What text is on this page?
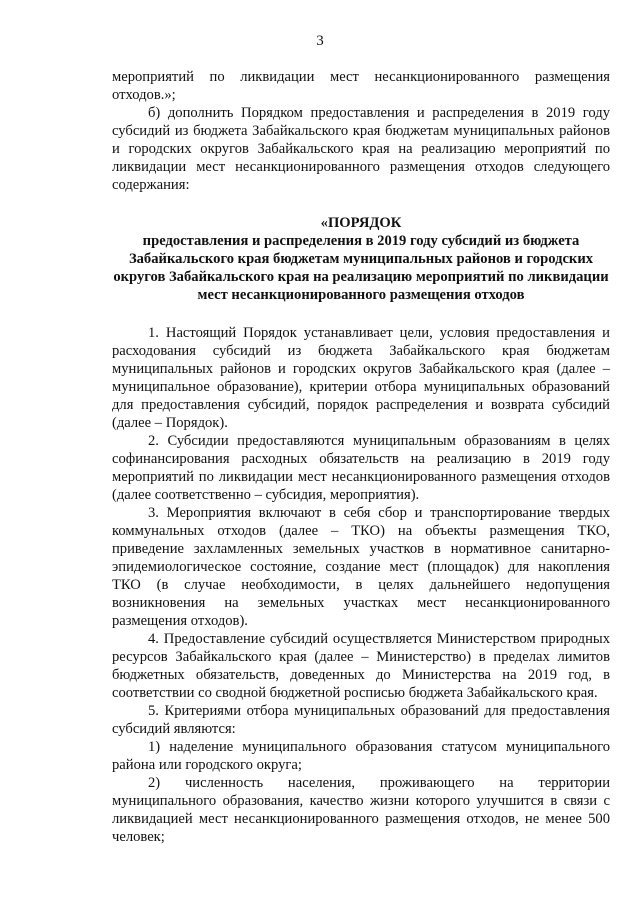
3

мероприятий по ликвидации мест несанкционированного размещения отходов.»;

б) дополнить Порядком предоставления и распределения в 2019 году субсидий из бюджета Забайкальского края бюджетам муниципальных районов и городских округов Забайкальского края на реализацию мероприятий по ликвидации мест несанкционированного размещения отходов следующего содержания:

«ПОРЯДОК
предоставления и распределения в 2019 году субсидий из бюджета Забайкальского края бюджетам муниципальных районов и городских округов Забайкальского края на реализацию мероприятий по ликвидации мест несанкционированного размещения отходов

1. Настоящий Порядок устанавливает цели, условия предоставления и расходования субсидий из бюджета Забайкальского края бюджетам муниципальных районов и городских округов Забайкальского края (далее – муниципальное образование), критерии отбора муниципальных образований для предоставления субсидий, порядок распределения и возврата субсидий (далее – Порядок).

2. Субсидии предоставляются муниципальным образованиям в целях софинансирования расходных обязательств на реализацию в 2019 году мероприятий по ликвидации мест несанкционированного размещения отходов (далее соответственно – субсидия, мероприятия).

3. Мероприятия включают в себя сбор и транспортирование твердых коммунальных отходов (далее – ТКО) на объекты размещения ТКО, приведение захламленных земельных участков в нормативное санитарно-эпидемиологическое состояние, создание мест (площадок) для накопления ТКО (в случае необходимости, в целях дальнейшего недопущения возникновения на земельных участках мест несанкционированного размещения отходов).

4. Предоставление субсидий осуществляется Министерством природных ресурсов Забайкальского края (далее – Министерство) в пределах лимитов бюджетных обязательств, доведенных до Министерства на 2019 год, в соответствии со сводной бюджетной росписью бюджета Забайкальского края.

5. Критериями отбора муниципальных образований для предоставления субсидий являются:

1) наделение муниципального образования статусом муниципального района или городского округа;

2) численность населения, проживающего на территории муниципального образования, качество жизни которого улучшится в связи с ликвидацией мест несанкционированного размещения отходов, не менее 500 человек;
